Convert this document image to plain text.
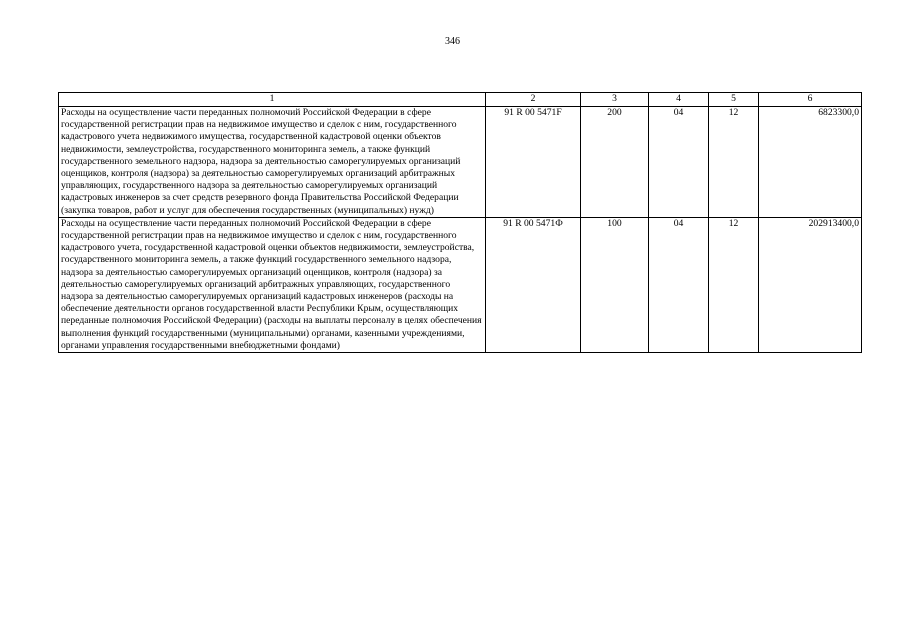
346
1	2	3	4	5	6
Расходы на осуществление части переданных полномочий Российской Федерации в сфере государственной регистрации прав на недвижимое имущество и сделок с ним, государственного кадастрового учета недвижимого имущества, государственной кадастровой оценки объектов недвижимости, землеустройства, государственного мониторинга земель, а также функций государственного земельного надзора, надзора за деятельностью саморегулируемых организаций оценщиков, контроля (надзора) за деятельностью саморегулируемых организаций арбитражных управляющих, государственного надзора за деятельностью саморегулируемых организаций кадастровых инженеров за счет средств резервного фонда Правительства Российской Федерации (закупка товаров, работ и услуг для обеспечения государственных (муниципальных) нужд)	91 R 00 5471F	200	04	12	6823300,0
Расходы на осуществление части переданных полномочий Российской Федерации в сфере государственной регистрации прав на недвижимое имущество и сделок с ним, государственного кадастрового учета, государственной кадастровой оценки объектов недвижимости, землеустройства, государственного мониторинга земель, а также функций государственного земельного надзора, надзора за деятельностью саморегулируемых организаций оценщиков, контроля (надзора) за деятельностью саморегулируемых организаций арбитражных управляющих, государственного надзора за деятельностью саморегулируемых организаций кадастровых инженеров (расходы на обеспечение деятельности органов государственной власти Республики Крым, осуществляющих переданные полномочия Российской Федерации) (расходы на выплаты персоналу в целях обеспечения выполнения функций государственными (муниципальными) органами, казенными учреждениями, органами управления государственными внебюджетными фондами)	91 R 00 5471Ф	100	04	12	202913400,0
